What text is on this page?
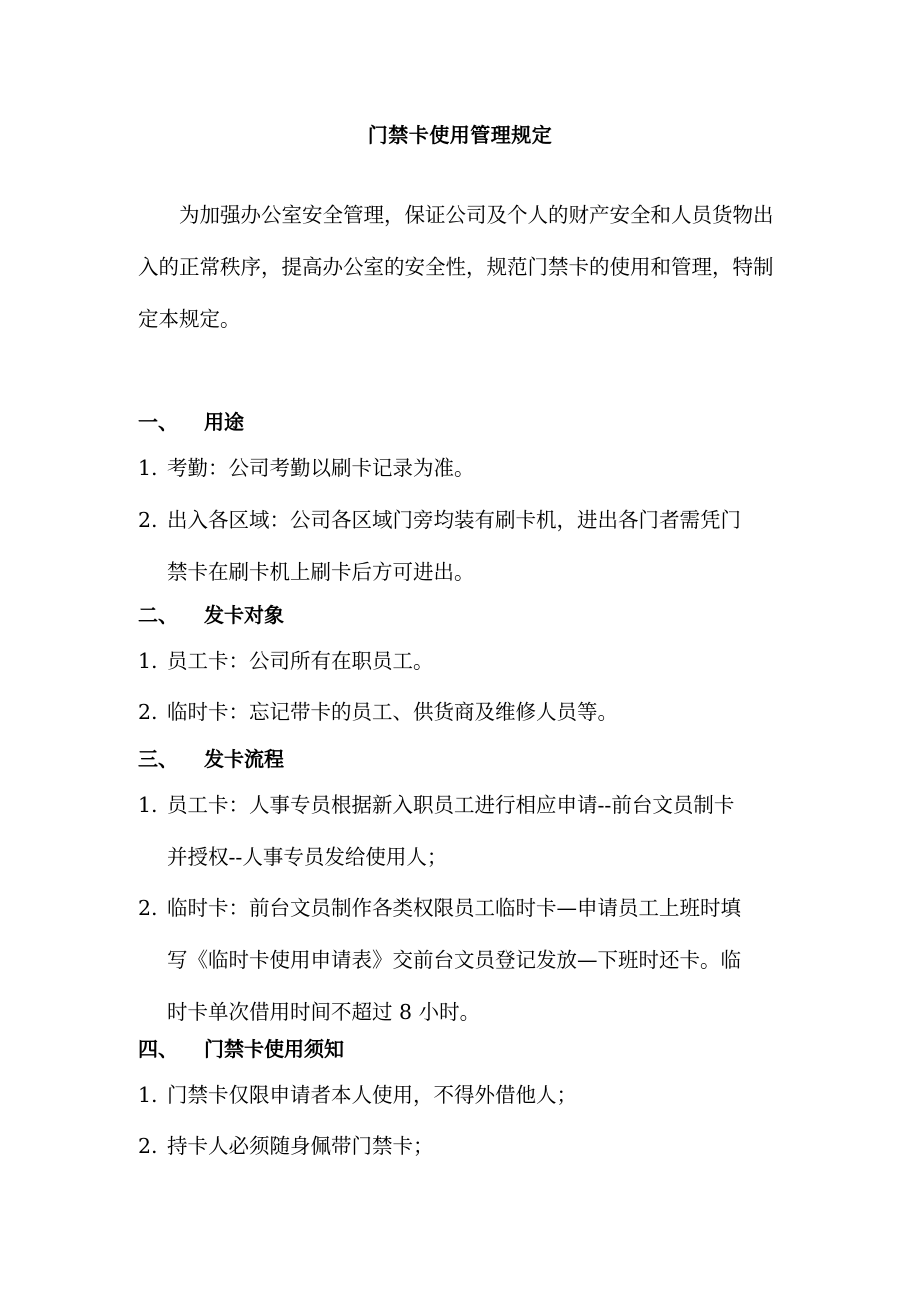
门禁卡使用管理规定

为加强办公室安全管理，保证公司及个人的财产安全和人员货物出入的正常秩序，提高办公室的安全性，规范门禁卡的使用和管理，特制定本规定。

一、 用途
1. 考勤：公司考勤以刷卡记录为准。
2. 出入各区域：公司各区域门旁均装有刷卡机，进出各门者需凭门
禁卡在刷卡机上刷卡后方可进出。
二、 发卡对象
1. 员工卡：公司所有在职员工。
2. 临时卡：忘记带卡的员工、供货商及维修人员等。
三、 发卡流程
1. 员工卡：人事专员根据新入职员工进行相应申请--前台文员制卡
并授权--人事专员发给使用人；
2. 临时卡：前台文员制作各类权限员工临时卡—申请员工上班时填
写《临时卡使用申请表》交前台文员登记发放—下班时还卡。临
时卡单次借用时间不超过 8 小时。
四、 门禁卡使用须知
1. 门禁卡仅限申请者本人使用，不得外借他人；
2. 持卡人必须随身佩带门禁卡；
